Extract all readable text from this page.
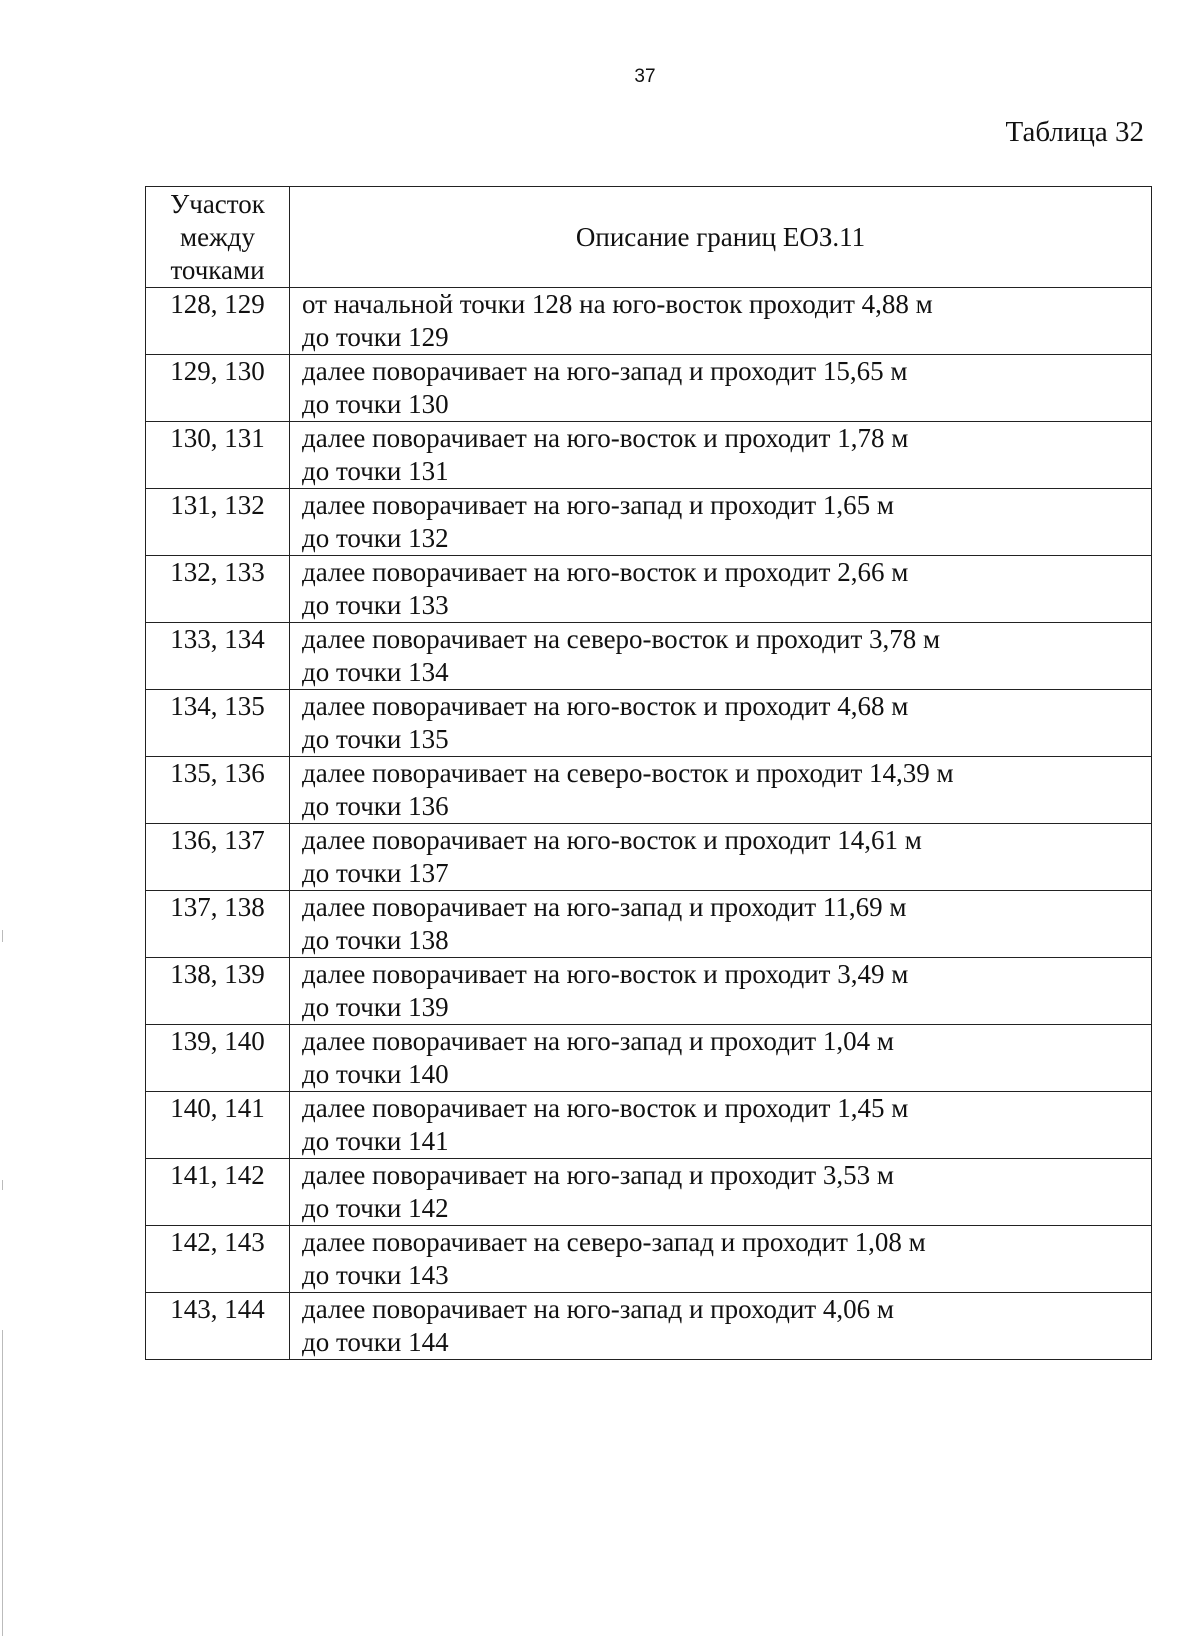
37
Таблица 32
Участок
между
точками	Описание границ ЕОЗ.11
128, 129	от начальной точки 128 на юго-восток проходит 4,88 м
до точки 129

129, 130	далее поворачивает на юго-запад и проходит 15,65 м
до точки 130

130, 131	далее поворачивает на юго-восток и проходит 1,78 м
до точки 131

131, 132	далее поворачивает на юго-запад и проходит 1,65 м
до точки 132

132, 133	далее поворачивает на юго-восток и проходит 2,66 м
до точки 133

133, 134	далее поворачивает на северо-восток и проходит 3,78 м
до точки 134

134, 135	далее поворачивает на юго-восток и проходит 4,68 м
до точки 135

135, 136	далее поворачивает на северо-восток и проходит 14,39 м
до точки 136

136, 137	далее поворачивает на юго-восток и проходит 14,61 м
до точки 137

137, 138	далее поворачивает на юго-запад и проходит 11,69 м
до точки 138

138, 139	далее поворачивает на юго-восток и проходит 3,49 м
до точки 139

139, 140	далее поворачивает на юго-запад и проходит 1,04 м
до точки 140

140, 141	далее поворачивает на юго-восток и проходит 1,45 м
до точки 141

141, 142	далее поворачивает на юго-запад и проходит 3,53 м
до точки 142

142, 143	далее поворачивает на северо-запад и проходит 1,08 м
до точки 143

143, 144	далее поворачивает на юго-запад и проходит 4,06 м
до точки 144
